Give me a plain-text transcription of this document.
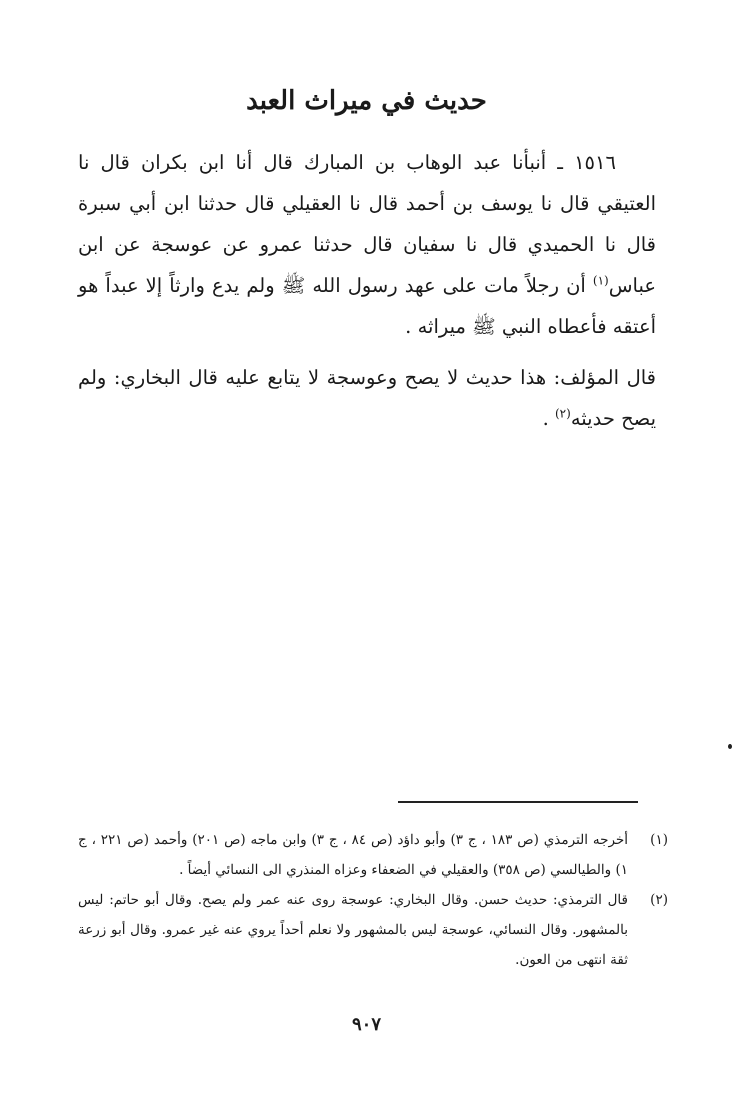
حديث في ميراث العبد

١٥١٦ ـ أنبأنا عبد الوهاب بن المبارك قال أنا ابن بكران قال نا العتيقي قال نا يوسف بن أحمد قال نا العقيلي قال حدثنا ابن أبي سبرة قال نا الحميدي قال نا سفيان قال حدثنا عمرو عن عوسجة عن ابن عباس$^{(١)}$ أن رجلاً مات على عهد رسول الله ﷺ ولم يدع وارثاً إلا عبداً هو أعتقه فأعطاه النبي ﷺ ميراثه .

قال المؤلف: هذا حديث لا يصح وعوسجة لا يتابع عليه قال البخاري: ولم يصح حديثه$^{(٢)}$ .

(١)
أخرجه الترمذي (ص ١٨٣ ، ج ٣) وأبو داؤد (ص ٨٤ ، ج ٣) وابن ماجه (ص ٢٠١) وأحمد (ص ٢٢١ ، ج ١) والطيالسي (ص ٣٥٨) والعقيلي في الضعفاء وعزاه المنذري الى النسائي أيضاً .
(٢)
قال الترمذي: حديث حسن. وقال البخاري: عوسجة روى عنه عمر ولم يصح. وقال أبو حاتم: ليس بالمشهور. وقال النسائي، عوسجة ليس بالمشهور ولا نعلم أحداً يروي عنه غير عمرو. وقال أبو زرعة ثقة انتهى من العون.
٩٠٧
